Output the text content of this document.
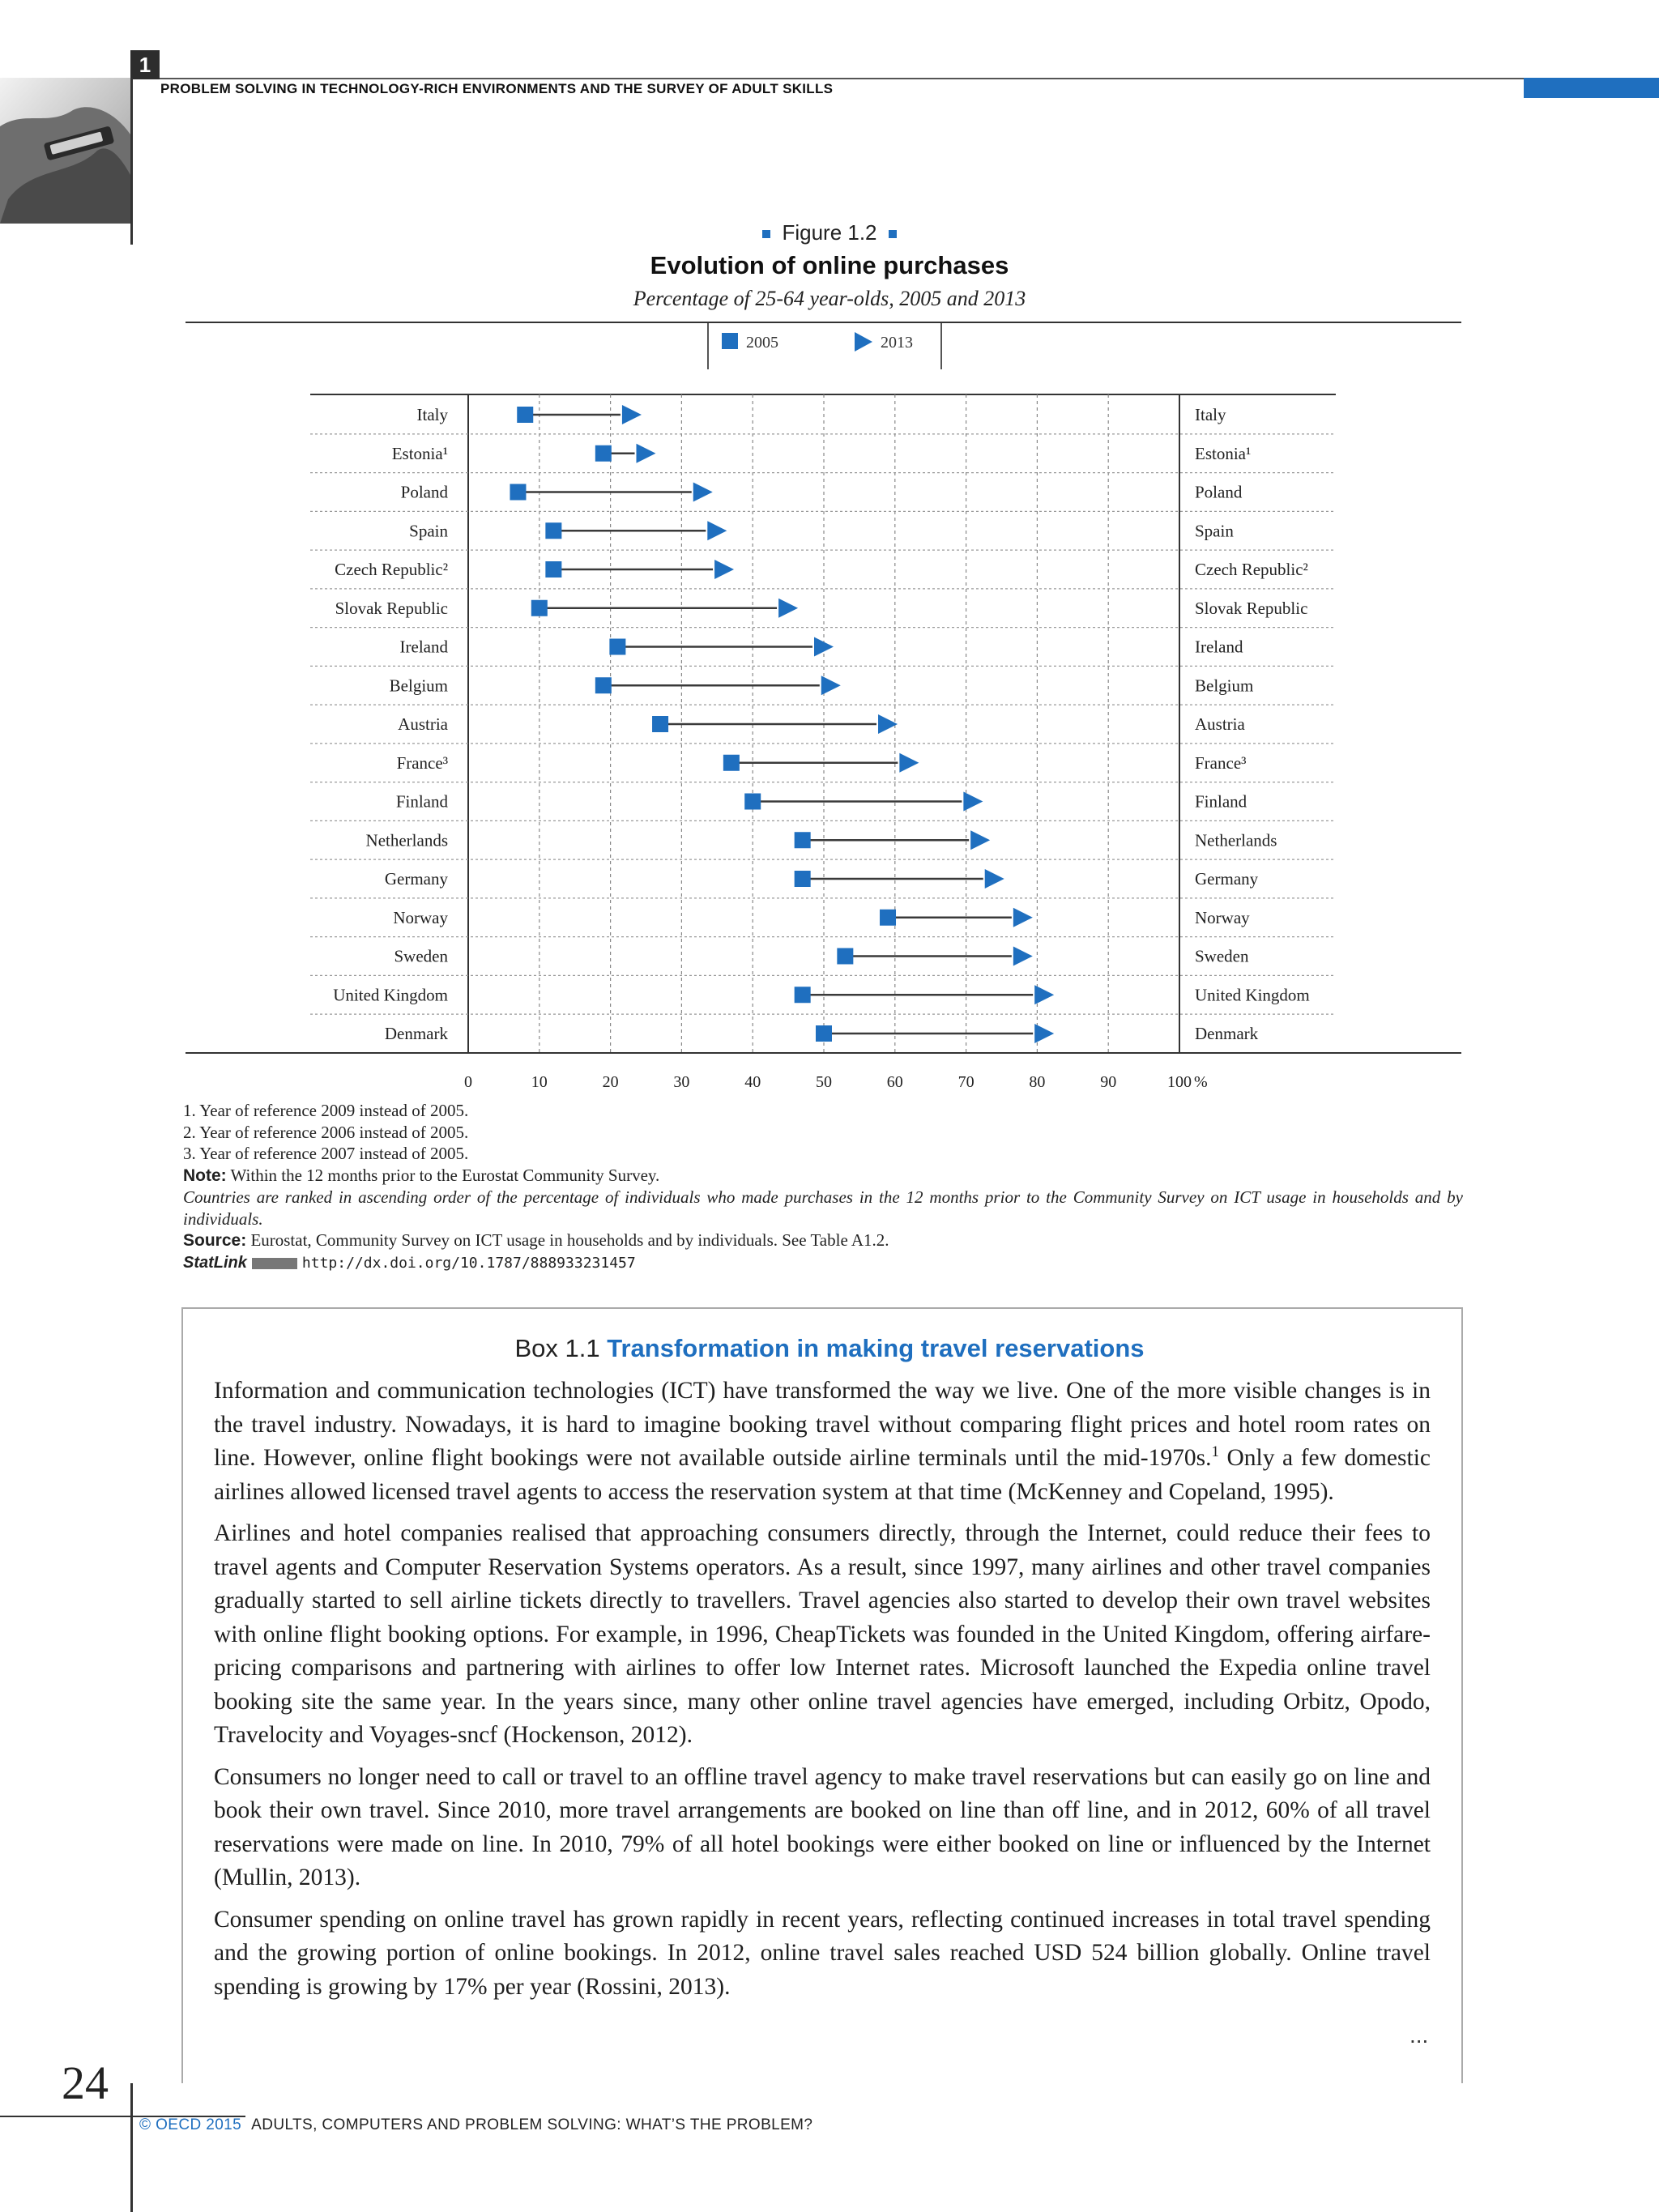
1
PROBLEM SOLVING IN TECHNOLOGY-RICH ENVIRONMENTS AND THE SURVEY OF ADULT SKILLS
Figure 1.2
Evolution of online purchases
Percentage of 25-64 year-olds, 2005 and 2013
2005	2013
Italy	Italy
Estonia¹	Estonia¹
Poland	Poland
Spain	Spain
Czech Republic²	Czech Republic²
Slovak Republic	Slovak Republic
Ireland	Ireland
Belgium	Belgium
Austria	Austria
France³	France³
Finland	Finland
Netherlands	Netherlands
Germany	Germany
Norway	Norway
Sweden	Sweden
United Kingdom	United Kingdom
Denmark	Denmark
0	10	20	30	40	50	60	70	80	90	100 %

1. Year of reference 2009 instead of 2005.

2. Year of reference 2006 instead of 2005.

3. Year of reference 2007 instead of 2005.

Note: Within the 12 months prior to the Eurostat Community Survey.

Countries are ranked in ascending order of the percentage of individuals who made purchases in the 12 months prior to the Community Survey on ICT usage in households and by individuals.

Source: Eurostat, Community Survey on ICT usage in households and by individuals. See Table A1.2.

StatLink	http://dx.doi.org/10.1787/888933231457

Box 1.1 Transformation in making travel reservations

Information and communication technologies (ICT) have transformed the way we live. One of the more visible changes is in the travel industry. Nowadays, it is hard to imagine booking travel without comparing flight prices and hotel room rates on line. However, online flight bookings were not available outside airline terminals until the mid-1970s.$^1$ Only a few domestic airlines allowed licensed travel agents to access the reservation system at that time (McKenney and Copeland, 1995).

Airlines and hotel companies realised that approaching consumers directly, through the Internet, could reduce their fees to travel agents and Computer Reservation Systems operators. As a result, since 1997, many airlines and other travel companies gradually started to sell airline tickets directly to travellers. Travel agencies also started to develop their own travel websites with online flight booking options. For example, in 1996, CheapTickets was founded in the United Kingdom, offering airfare-pricing comparisons and partnering with airlines to offer low Internet rates. Microsoft launched the Expedia online travel booking site the same year. In the years since, many other online travel agencies have emerged, including Orbitz, Opodo, Travelocity and Voyages-sncf (Hockenson, 2012).

Consumers no longer need to call or travel to an offline travel agency to make travel reservations but can easily go on line and book their own travel. Since 2010, more travel arrangements are booked on line than off line, and in 2012, 60% of all travel reservations were made on line. In 2010, 79% of all hotel bookings were either booked on line or influenced by the Internet (Mullin, 2013).

Consumer spending on online travel has grown rapidly in recent years, reflecting continued increases in total travel spending and the growing portion of online bookings. In 2012, online travel sales reached USD 524 billion globally. Online travel spending is growing by 17% per year (Rossini, 2013).

...
24
© OECD 2015 ADULTS, COMPUTERS AND PROBLEM SOLVING: WHAT’S THE PROBLEM?
